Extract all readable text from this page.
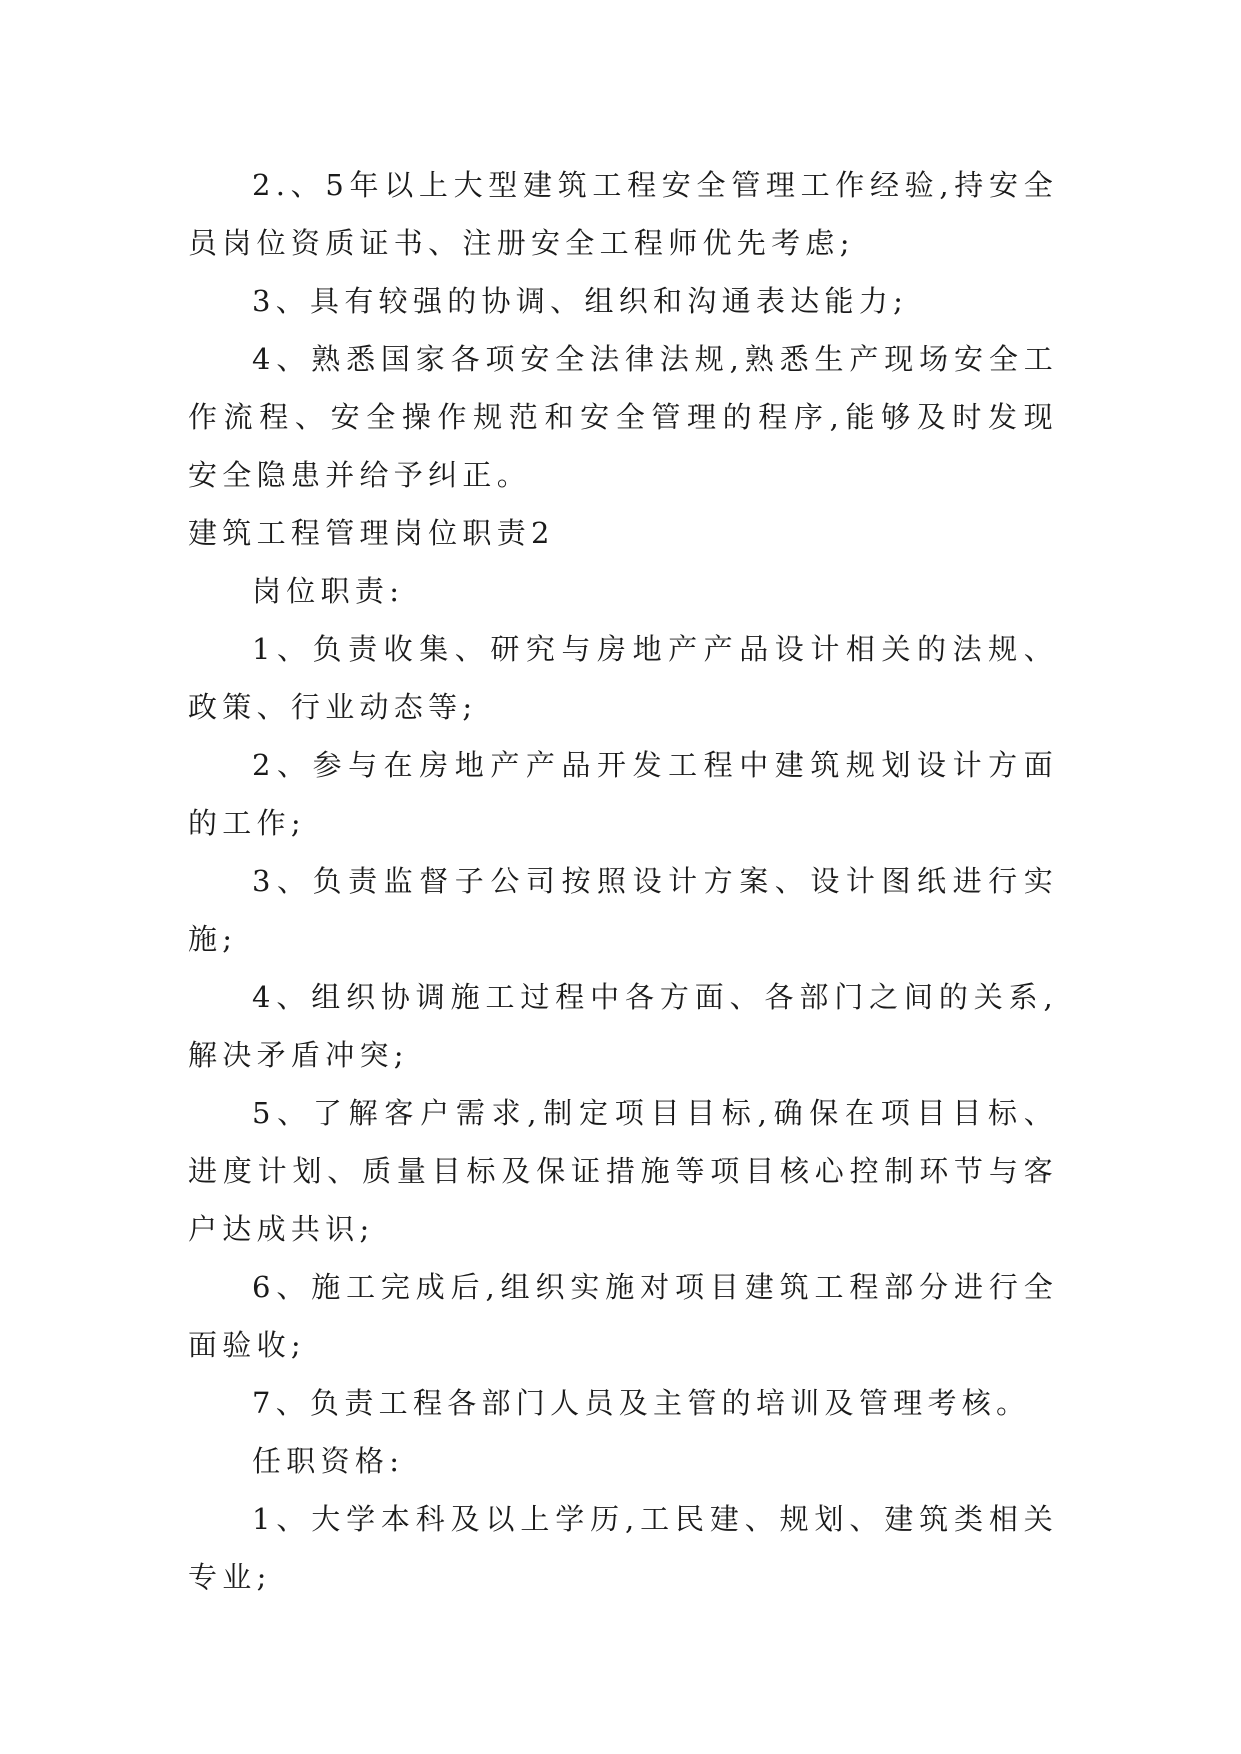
2.、5年以上大型建筑工程安全管理工作经验,持安全员岗位资质证书、注册安全工程师优先考虑;

3、具有较强的协调、组织和沟通表达能力;

4、熟悉国家各项安全法律法规,熟悉生产现场安全工作流程、安全操作规范和安全管理的程序,能够及时发现安全隐患并给予纠正。

建筑工程管理岗位职责2

岗位职责:

1、负责收集、研究与房地产产品设计相关的法规、政策、行业动态等;

2、参与在房地产产品开发工程中建筑规划设计方面的工作;

3、负责监督子公司按照设计方案、设计图纸进行实施;

4、组织协调施工过程中各方面、各部门之间的关系,解决矛盾冲突;

5、了解客户需求,制定项目目标,确保在项目目标、进度计划、质量目标及保证措施等项目核心控制环节与客户达成共识;

6、施工完成后,组织实施对项目建筑工程部分进行全面验收;

7、负责工程各部门人员及主管的培训及管理考核。

任职资格:

1、大学本科及以上学历,工民建、规划、建筑类相关专业;
